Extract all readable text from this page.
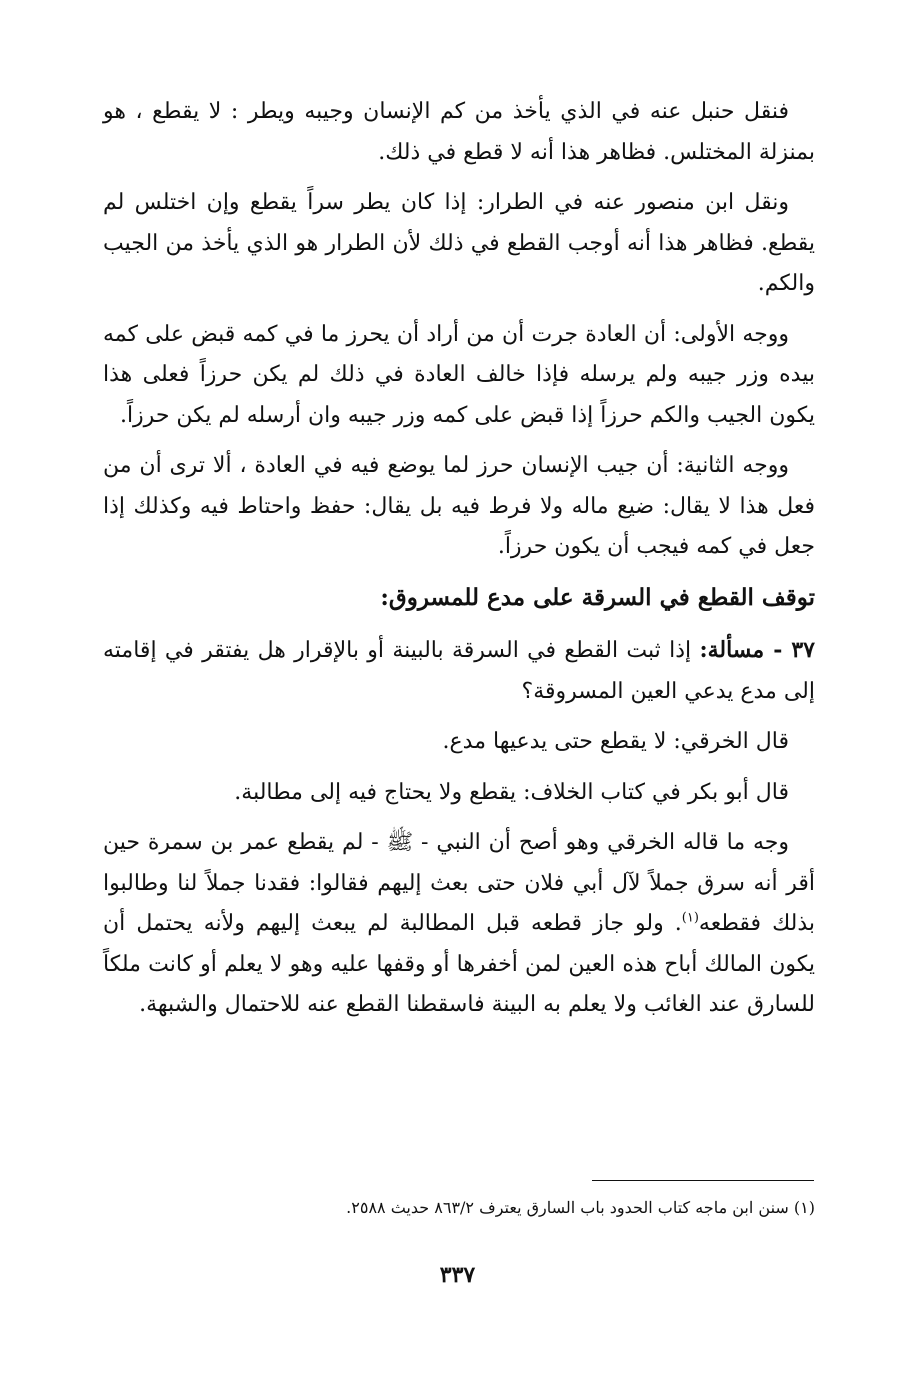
فنقل حنبل عنه في الذي يأخذ من كم الإنسان وجيبه ويطر : لا يقطع ، هو بمنزلة المختلس. فظاهر هذا أنه لا قطع في ذلك.

ونقل ابن منصور عنه في الطرار: إذا كان يطر سراً يقطع وإن اختلس لم يقطع. فظاهر هذا أنه أوجب القطع في ذلك لأن الطرار هو الذي يأخذ من الجيب والكم.

ووجه الأولى: أن العادة جرت أن من أراد أن يحرز ما في كمه قبض على كمه بيده وزر جيبه ولم يرسله فإذا خالف العادة في ذلك لم يكن حرزاً فعلى هذا يكون الجيب والكم حرزاً إذا قبض على كمه وزر جيبه وان أرسله لم يكن حرزاً.

ووجه الثانية: أن جيب الإنسان حرز لما يوضع فيه في العادة ، ألا ترى أن من فعل هذا لا يقال: ضيع ماله ولا فرط فيه بل يقال: حفظ واحتاط فيه وكذلك إذا جعل في كمه فيجب أن يكون حرزاً.

توقف القطع في السرقة على مدع للمسروق:

٣٧ - مسألة: إذا ثبت القطع في السرقة بالبينة أو بالإقرار هل يفتقر في إقامته إلى مدع يدعي العين المسروقة؟

قال الخرقي: لا يقطع حتى يدعيها مدع.

قال أبو بكر في كتاب الخلاف: يقطع ولا يحتاج فيه إلى مطالبة.

وجه ما قاله الخرقي وهو أصح أن النبي - ﷺ - لم يقطع عمر بن سمرة حين أقر أنه سرق جملاً لآل أبي فلان حتى بعث إليهم فقالوا: فقدنا جملاً لنا وطالبوا بذلك فقطعه$^{(١)}$. ولو جاز قطعه قبل المطالبة لم يبعث إليهم ولأنه يحتمل أن يكون المالك أباح هذه العين لمن أخفرها أو وقفها عليه وهو لا يعلم أو كانت ملكاً للسارق عند الغائب ولا يعلم به البينة فاسقطنا القطع عنه للاحتمال والشبهة.

(١) سنن ابن ماجه كتاب الحدود باب السارق يعترف ٨٦٣/٢ حديث ٢٥٨٨.
٣٣٧
